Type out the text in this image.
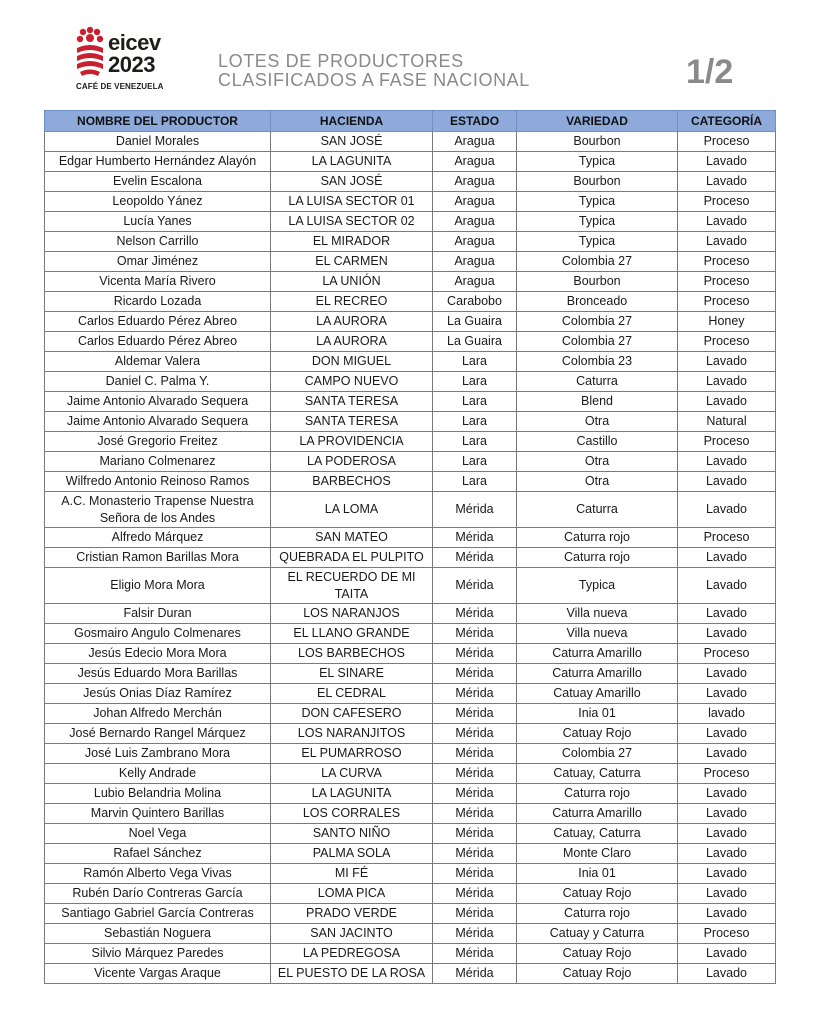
eicev
2023
CAFÉ DE VENEZUELA
LOTES DE PRODUCTORES
CLASIFICADOS A FASE NACIONAL	1/2
NOMBRE DEL PRODUCTOR	HACIENDA	ESTADO	VARIEDAD	CATEGORÍA
Daniel Morales	SAN JOSÉ	Aragua	Bourbon	Proceso
Edgar Humberto Hernández Alayón	LA LAGUNITA	Aragua	Typica	Lavado
Evelin Escalona	SAN JOSÉ	Aragua	Bourbon	Lavado
Leopoldo Yánez	LA LUISA SECTOR 01	Aragua	Typica	Proceso
Lucía Yanes	LA LUISA SECTOR 02	Aragua	Typica	Lavado
Nelson Carrillo	EL MIRADOR	Aragua	Typica	Lavado
Omar Jiménez	EL CARMEN	Aragua	Colombia 27	Proceso
Vicenta María Rivero	LA UNIÓN	Aragua	Bourbon	Proceso
Ricardo Lozada	EL RECREO	Carabobo	Bronceado	Proceso
Carlos Eduardo Pérez Abreo	LA AURORA	La Guaira	Colombia 27	Honey
Carlos Eduardo Pérez Abreo	LA AURORA	La Guaira	Colombia 27	Proceso
Aldemar Valera	DON MIGUEL	Lara	Colombia 23	Lavado
Daniel C. Palma Y.	CAMPO NUEVO	Lara	Caturra	Lavado
Jaime Antonio Alvarado Sequera	SANTA TERESA	Lara	Blend	Lavado
Jaime Antonio Alvarado Sequera	SANTA TERESA	Lara	Otra	Natural
José Gregorio Freitez	LA PROVIDENCIA	Lara	Castillo	Proceso
Mariano Colmenarez	LA PODEROSA	Lara	Otra	Lavado
Wilfredo Antonio Reinoso Ramos	BARBECHOS	Lara	Otra	Lavado
A.C. Monasterio Trapense Nuestra Señora de los Andes	LA LOMA	Mérida	Caturra	Lavado
Alfredo Márquez	SAN MATEO	Mérida	Caturra rojo	Proceso
Cristian Ramon Barillas Mora	QUEBRADA EL PULPITO	Mérida	Caturra rojo	Lavado
Eligio Mora Mora	EL RECUERDO DE MI TAITA	Mérida	Typica	Lavado
Falsir Duran	LOS NARANJOS	Mérida	Villa nueva	Lavado
Gosmairo Angulo Colmenares	EL LLANO GRANDE	Mérida	Villa nueva	Lavado
Jesús Edecio Mora Mora	LOS BARBECHOS	Mérida	Caturra Amarillo	Proceso
Jesús Eduardo Mora Barillas	EL SINARE	Mérida	Caturra Amarillo	Lavado
Jesús Onias Díaz Ramírez	EL CEDRAL	Mérida	Catuay Amarillo	Lavado
Johan Alfredo Merchán	DON CAFESERO	Mérida	Inia 01	lavado
José Bernardo Rangel Márquez	LOS NARANJITOS	Mérida	Catuay Rojo	Lavado
José Luis Zambrano Mora	EL PUMARROSO	Mérida	Colombia 27	Lavado
Kelly Andrade	LA CURVA	Mérida	Catuay, Caturra	Proceso
Lubio Belandria Molina	LA LAGUNITA	Mérida	Caturra rojo	Lavado
Marvin Quintero Barillas	LOS CORRALES	Mérida	Caturra Amarillo	Lavado
Noel Vega	SANTO NIÑO	Mérida	Catuay, Caturra	Lavado
Rafael Sánchez	PALMA SOLA	Mérida	Monte Claro	Lavado
Ramón Alberto Vega Vivas	MI FÉ	Mérida	Inia 01	Lavado
Rubén Darío Contreras García	LOMA PICA	Mérida	Catuay Rojo	Lavado
Santiago Gabriel García Contreras	PRADO VERDE	Mérida	Caturra rojo	Lavado
Sebastián Noguera	SAN JACINTO	Mérida	Catuay y Caturra	Proceso
Silvio Márquez Paredes	LA PEDREGOSA	Mérida	Catuay Rojo	Lavado
Vicente Vargas Araque	EL PUESTO DE LA ROSA	Mérida	Catuay Rojo	Lavado
